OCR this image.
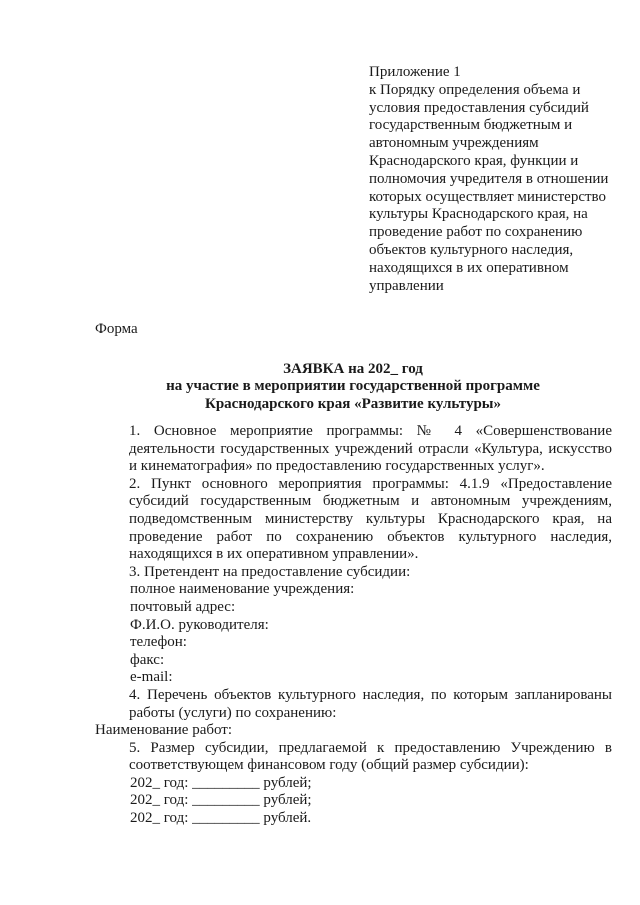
Приложение 1
к Порядку определения объема и
условия предоставления субсидий
государственным бюджетным и
автономным учреждениям
Краснодарского края, функции и
полномочия учредителя в отношении
которых осуществляет министерство
культуры Краснодарского края, на
проведение работ по сохранению
объектов культурного наследия,
находящихся в их оперативном
управлении
Форма
ЗАЯВКА на 202_ год
на участие в мероприятии государственной программе
Краснодарского края «Развитие культуры»
1. Основное мероприятие программы: № 4 «Совершенствование деятельности государственных учреждений отрасли «Культура, искусство и кинематография» по предоставлению государственных услуг».
2. Пункт основного мероприятия программы: 4.1.9 «Предоставление субсидий государственным бюджетным и автономным учреждениям, подведомственным министерству культуры Краснодарского края, на проведение работ по сохранению объектов культурного наследия, находящихся в их оперативном управлении».
3. Претендент на предоставление субсидии:
полное наименование учреждения:
почтовый адрес:
Ф.И.О. руководителя:
телефон:
факс:
e-mail:
4. Перечень объектов культурного наследия, по которым запланированы работы (услуги) по сохранению:
Наименование работ:
5. Размер субсидии, предлагаемой к предоставлению Учреждению в соответствующем финансовом году (общий размер субсидии):
202_ год: _________ рублей;
202_ год: _________ рублей;
202_ год: _________ рублей.
